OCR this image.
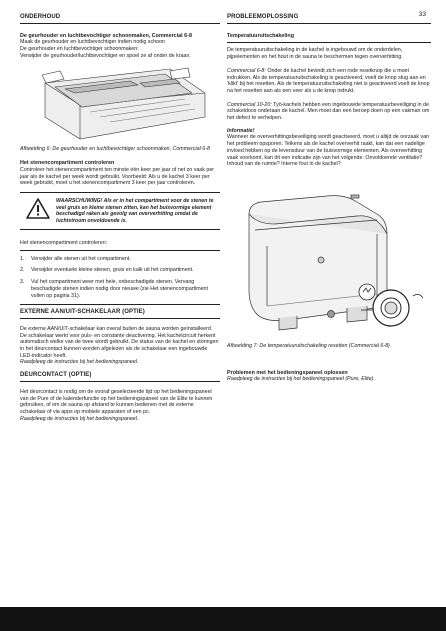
33
ONDERHOUD
De geurhouder en luchtbevochtiger schoonmaken, Commercial 6-8

Maak de geurhouder en luchtbevochtiger indien nodig schoon
De geurhouder en luchtbevochtiger schoonmaken:
Verwijder de geurhouder/luchtbevochtiger en spoel ze af onder de kraan.

Afbeelding 6: De geurhouder en luchtbevochtiger schoonmaken, Commercial 6-8

Het stenencompartiment controleren

Controleer het stenencompartiment ten minste één keer per jaar of net zo vaak per jaar als de kachel per week wordt gebruikt. Voorbeeld: Als u de kachel 3 keer per week gebruikt, moet u het stenencompartiment 3 keer per jaar controleren.

WAARSCHUWING! Als er in het compartiment voor de stenen te veel gruis en kleine stenen zitten, kan het buisvormige element beschadigd raken als gevolg van oververhitting omdat de luchtstroom onvoldoende is.

Het stenencompartiment controleren:

1.	Verwijder alle stenen uit het compartiment.
2.	Verwijder eventuele kleine stenen, gruis en kalk uit het compartiment.
3.	Vul het compartiment weer met hele, onbeschadigde stenen. Vervang beschadigde stenen indien nodig door nieuwe (zie Het stenencompartiment vullen op pagina 31).
EXTERNE AAN/UIT-SCHAKELAAR (OPTIE)

De externe AAN/UIT-schakelaar kan overal buiten de sauna worden geïnstalleerd. De schakelaar werkt voor puls- en constante deactivering. Het kachelcircuit herkent automatisch welke van de twee wordt gebruikt. De status van de kachel en storingen in het deurcontact kunnen worden afgelezen als de schakelaar een ingebouwde LED-indicator heeft.

Raadpleeg de instructies bij het bedieningspaneel.

DEURCONTACT (OPTIE)

Het deurcontact is nodig om de vooraf geselecteerde tijd op het bedieningspaneel van de Pure of de kalenderfunctie op het bedieningspaneel van de Elite te kunnen gebruiken, of om de sauna op afstand te kunnen bedienen met de externe schakelaar of via apps op mobiele apparaten of een pc.

Raadpleeg de instructies bij het bedieningspaneel.

PROBLEEMOPLOSSING
Temperatuuruitschakeling

De temperatuuruitschakeling in de kachel is ingebouwd om de onderdelen, pijpelementen en het hout in de sauna te beschermen tegen oververhitting.

Commercial 6-8: Onder de kachel bevindt zich een rode resetknop die u moet indrukken. Als de temperatuuruitschakeling is geactiveerd, voelt de knop stug aan en 'klikt' bij het resetten. Als de temperatuuruitschakeling niet is geactiveerd voelt de knop na het resetten aan als een veer als u de knop indrukt.

Commercial 10-20: Työ-kachels hebben een ingebouwde temperatuurbeveiliging in de schakeldoos onderaan de kachel. Men moet dan een beroep doen op een vakman om het defect te verhelpen.

Informatie!

Wanneer de oververhittingsbeveiliging wordt geactiveerd, moet u altijd de oorzaak van het probleem opsporen. Telkens als de kachel oververhit raakt, kan dat een nadelige invloed hebben op de levensduur van de buisvormige elementen. Als oververhitting vaak voorkomt, kan dit een indicatie zijn van het volgende: Onvoldoende ventilatie? Inhoud van de ruimte? Interne fout in de kachel?

Afbeelding 7: De temperatuuruitschakeling resetten (Commercial 6-8)

Problemen met het bedieningspaneel oplossen

Raadpleeg de instructies bij het bedieningspaneel (Pure, Elite).
